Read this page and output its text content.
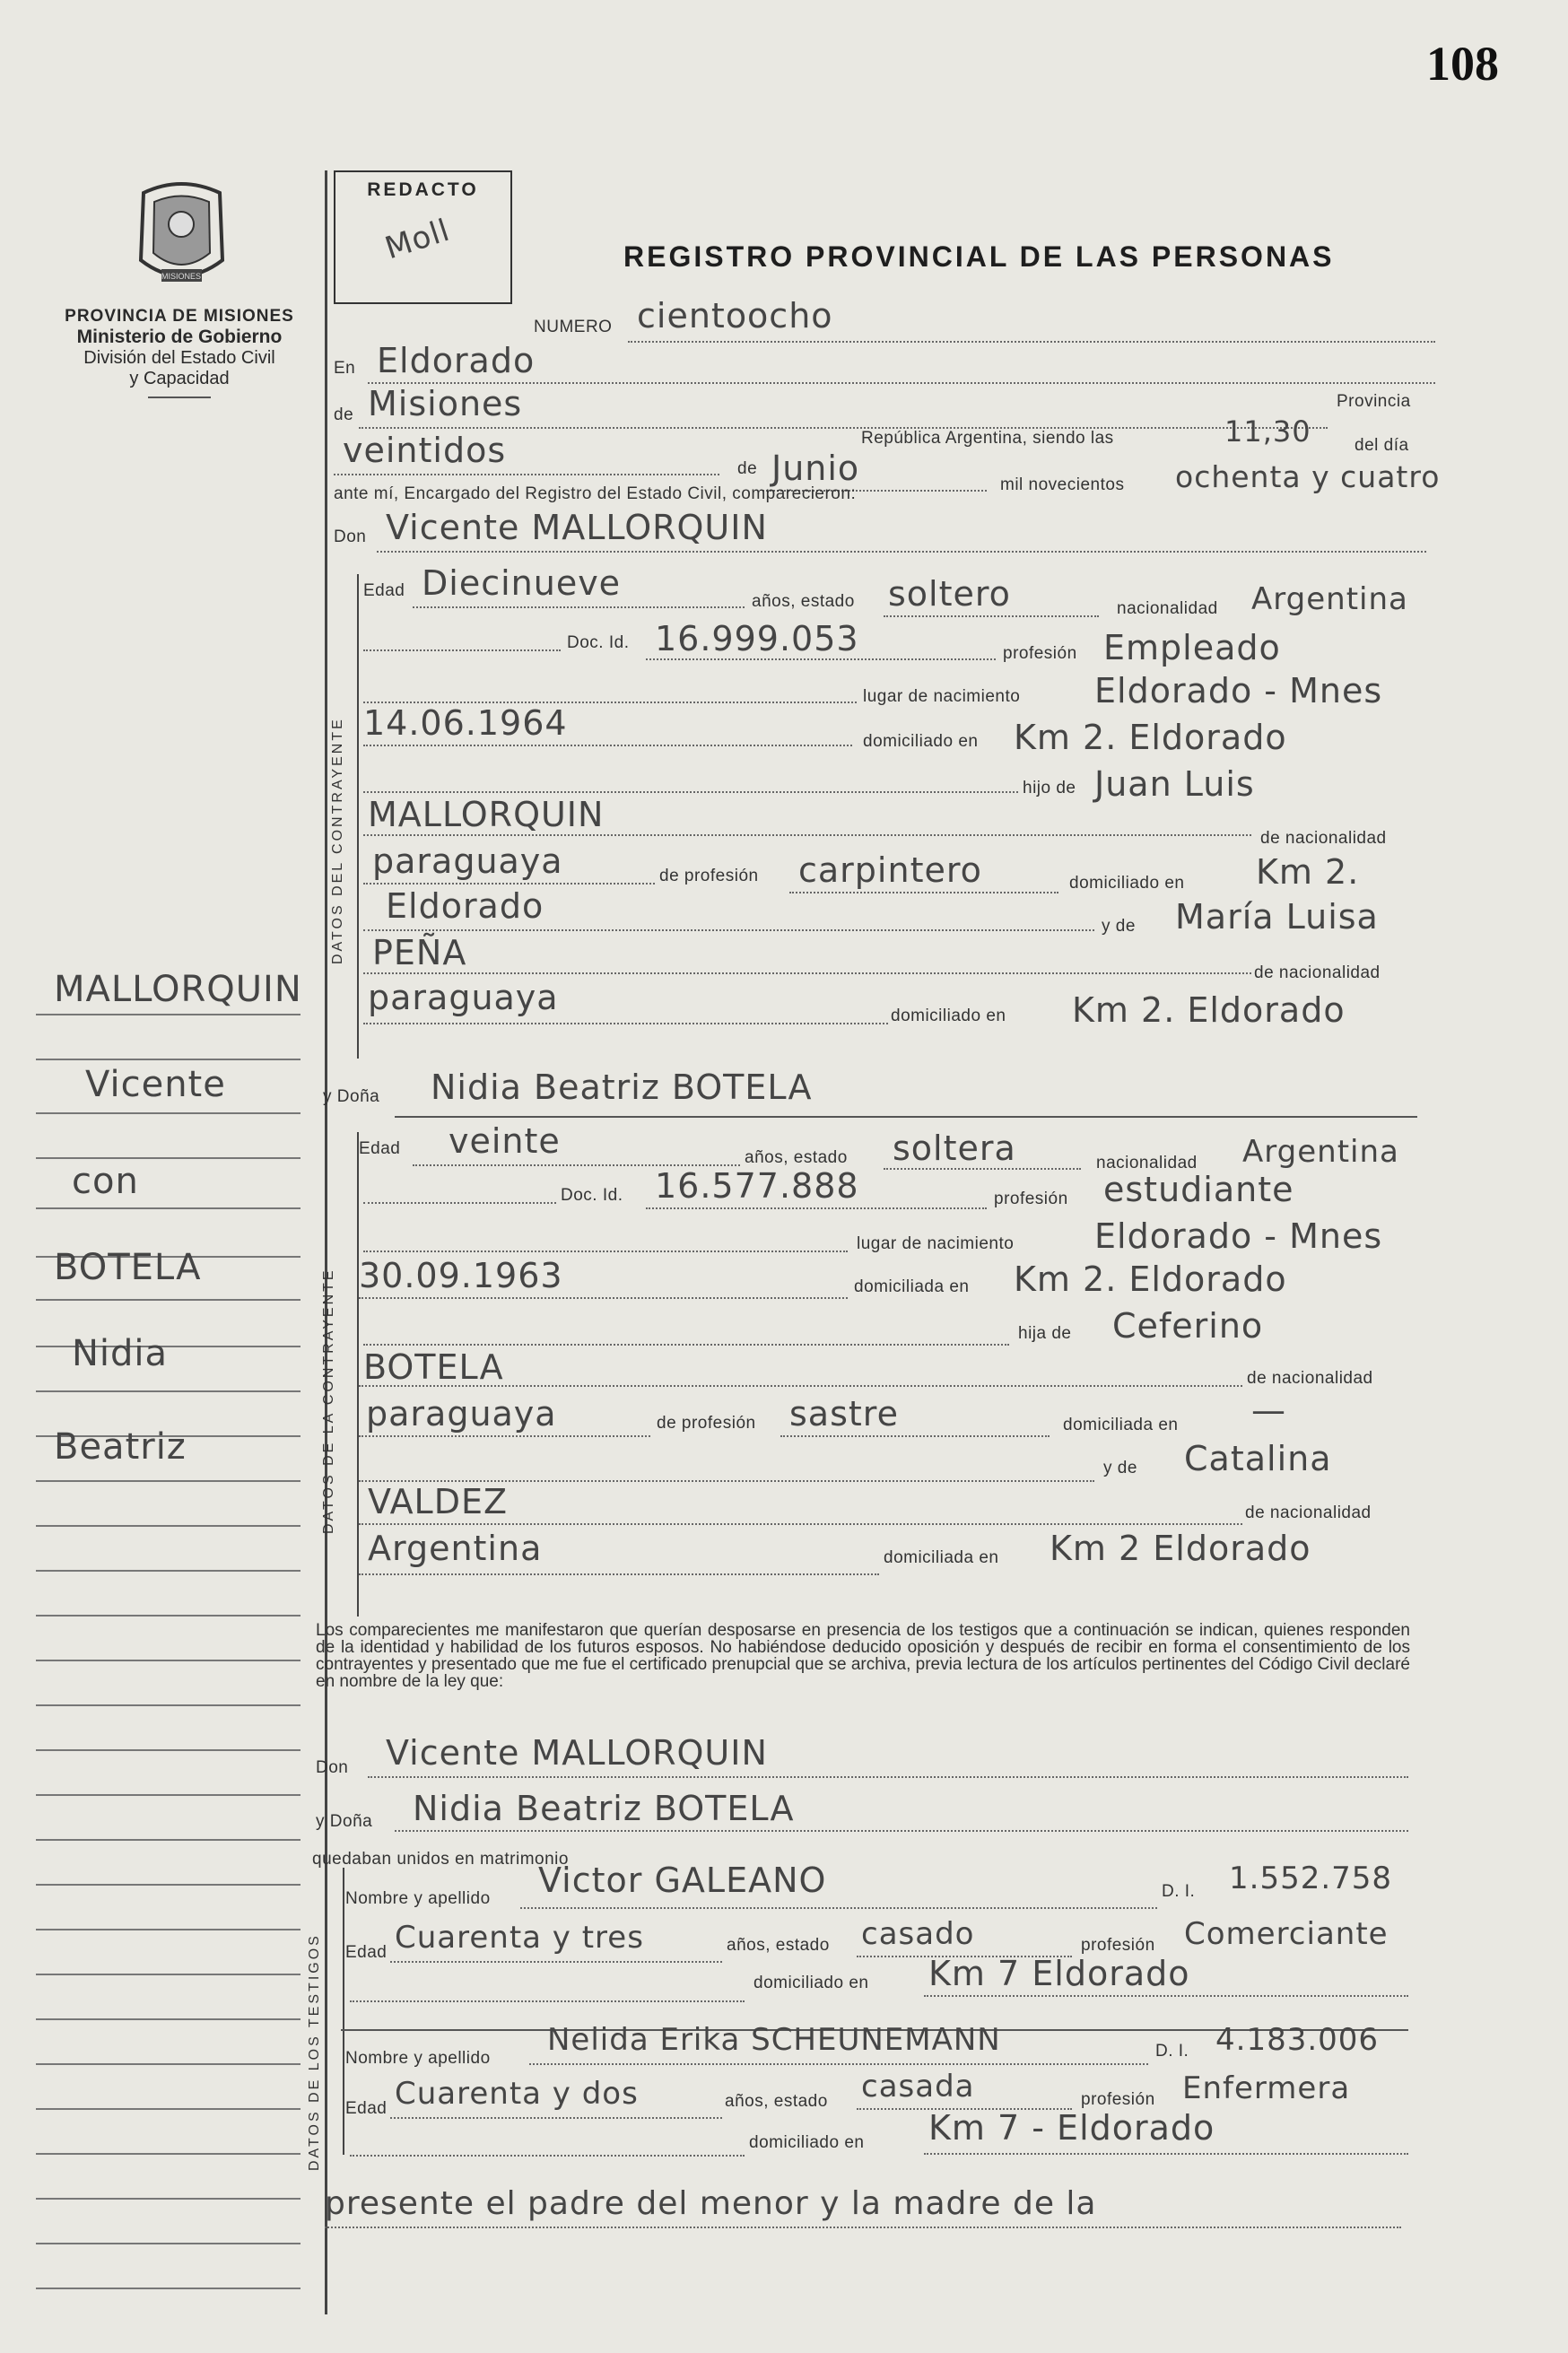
108
MISIONES
PROVINCIA DE MISIONES
Ministerio de Gobierno
División del Estado Civil
y Capacidad
REDACTO
Moll	REGISTRO PROVINCIAL DE LAS PERSONAS
NUMERO cientoocho
En Eldorado
de Misiones	Provincia
República Argentina, siendo las	11,30	del día
veintidos	de Junio	mil novecientos ochenta y cuatro
ante mí, Encargado del Registro del Estado Civil, comparecieron:
Don Vicente MALLORQUIN
DATOS DEL CONTRAYENTE
Edad Diecinueve	años, estado soltero	nacionalidad Argentina
Doc. Id. 16.999.053	profesión Empleado
lugar de nacimiento Eldorado - Mnes
14.06.1964	domiciliado en Km 2. Eldorado
hijo de Juan Luis
MALLORQUIN
de nacionalidad
paraguaya	de profesión carpintero	domiciliado en Km 2.
Eldorado
y de María Luisa
PEÑA
de nacionalidad
paraguaya	domiciliado en Km 2. Eldorado
y Doña Nidia Beatriz BOTELA
DATOS DE LA CONTRAYENTE
Edad veinte	años, estado soltera	nacionalidad Argentina
Doc. Id. 16.577.888	profesión estudiante
lugar de nacimiento Eldorado - Mnes
30.09.1963	domiciliada en Km 2. Eldorado
hija de Ceferino
BOTELA	de nacionalidad
paraguaya	de profesión sastre	domiciliada en —
y de Catalina
VALDEZ	de nacionalidad
Argentina	domiciliada en Km 2 Eldorado
Los comparecientes me manifestaron que querían desposarse en presencia de los testigos que a continuación se indican, quienes responden de la identidad y habilidad de los futuros esposos. No habiéndose deducido oposición y después de recibir en forma el consentimiento de los contrayentes y presentado que me fue el certificado prenupcial que se archiva, previa lectura de los artículos pertinentes del Código Civil declaré en nombre de la ley que:
Don Vicente MALLORQUIN
y Doña Nidia Beatriz BOTELA
quedaban unidos en matrimonio
DATOS DE LOS TESTIGOS
Nombre y apellido Victor GALEANO	D. I. 1.552.758
Edad Cuarenta y tres	años, estado casado	profesión Comerciante
domiciliado en Km 7 Eldorado
Nombre y apellido
Nelida Erika SCHEUNEMANN	D. I. 4.183.006
Edad Cuarenta y dos	años, estado casada	profesión Enfermera
domiciliado en Km 7 - Eldorado
presente el padre del menor y la madre de la
MALLORQUIN
Vicente
con
BOTELA
Nidia
Beatriz
